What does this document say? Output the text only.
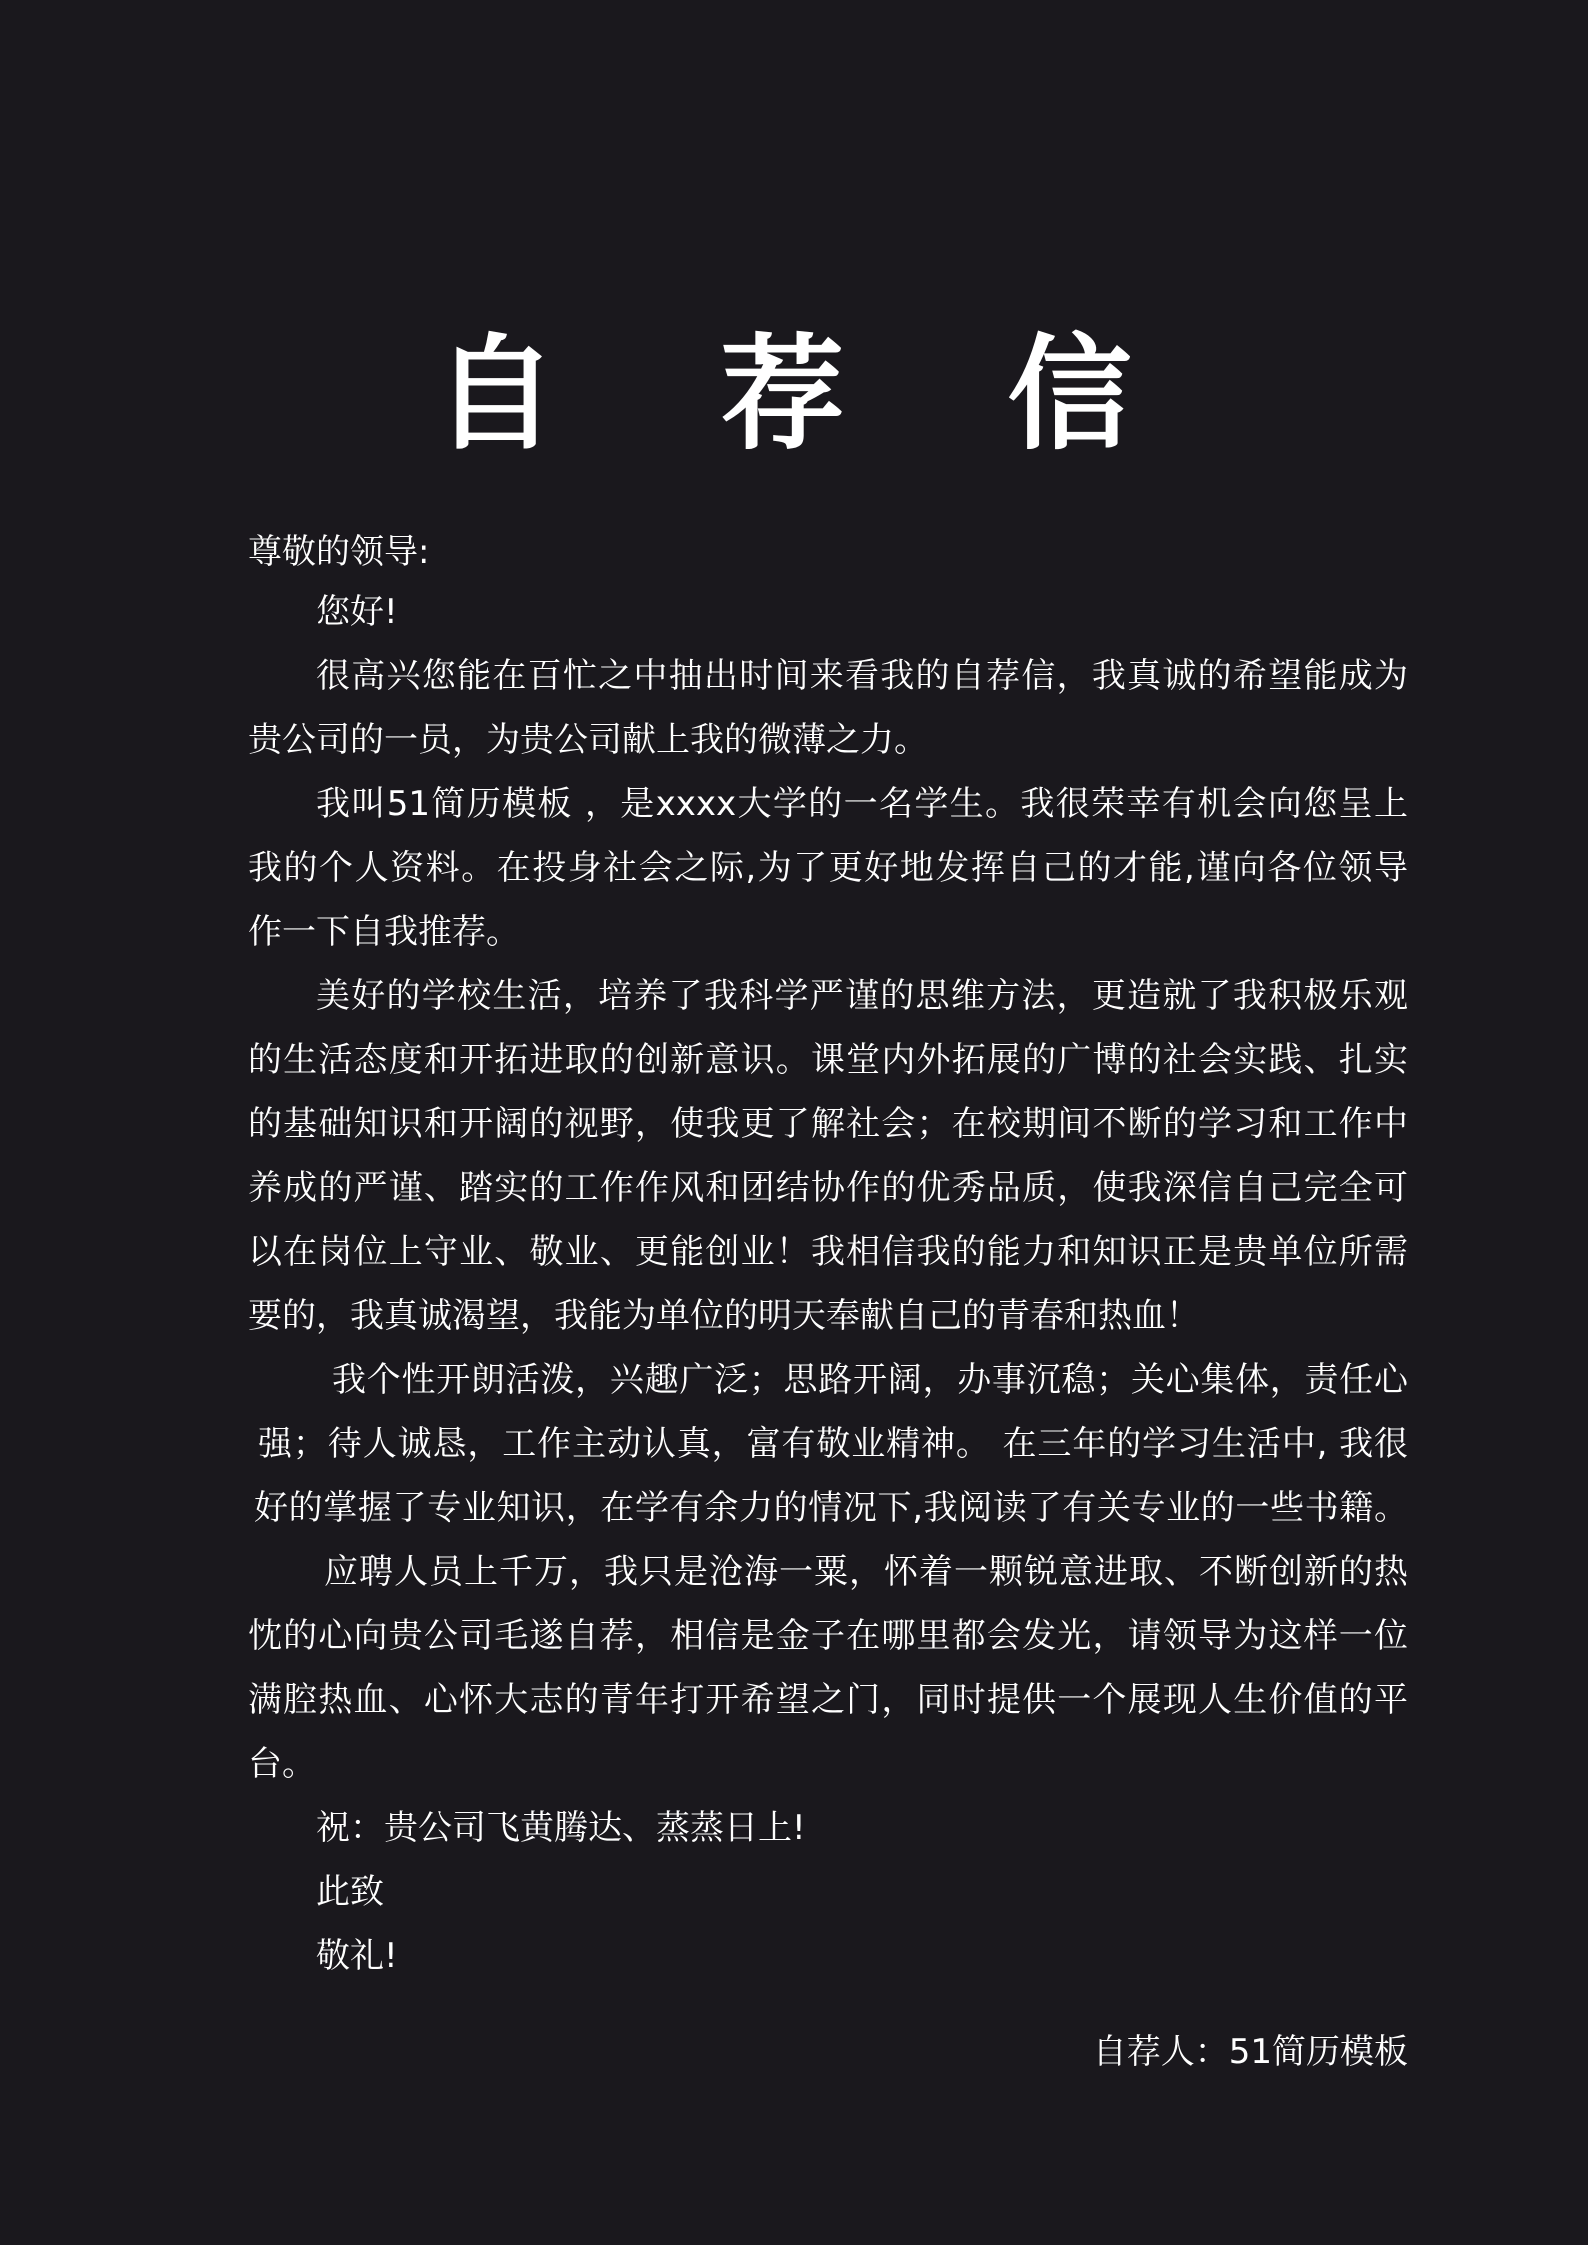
自 荐 信
尊敬的领导:
您好!
很高兴您能在百忙之中抽出时间来看我的自荐信，我真诚的希望能成为
贵公司的一员，为贵公司献上我的微薄之力。
我叫51简历模板 ，是xxxx大学的一名学生。我很荣幸有机会向您呈上
我的个人资料。在投身社会之际,为了更好地发挥自己的才能,谨向各位领导
作一下自我推荐。
美好的学校生活，培养了我科学严谨的思维方法，更造就了我积极乐观
的生活态度和开拓进取的创新意识。课堂内外拓展的广博的社会实践、扎实
的基础知识和开阔的视野，使我更了解社会；在校期间不断的学习和工作中
养成的严谨、踏实的工作作风和团结协作的优秀品质，使我深信自己完全可
以在岗位上守业、敬业、更能创业！我相信我的能力和知识正是贵单位所需
要的，我真诚渴望，我能为单位的明天奉献自己的青春和热血！
我个性开朗活泼，兴趣广泛；思路开阔，办事沉稳；关心集体，责任心
强；待人诚恳，工作主动认真，富有敬业精神。 在三年的学习生活中, 我很
好的掌握了专业知识，在学有余力的情况下,我阅读了有关专业的一些书籍。
应聘人员上千万，我只是沧海一粟，怀着一颗锐意进取、不断创新的热
忱的心向贵公司毛遂自荐，相信是金子在哪里都会发光，请领导为这样一位
满腔热血、心怀大志的青年打开希望之门，同时提供一个展现人生价值的平
台。
祝：贵公司飞黄腾达、蒸蒸日上!
此致
敬礼!
自荐人：51简历模板
